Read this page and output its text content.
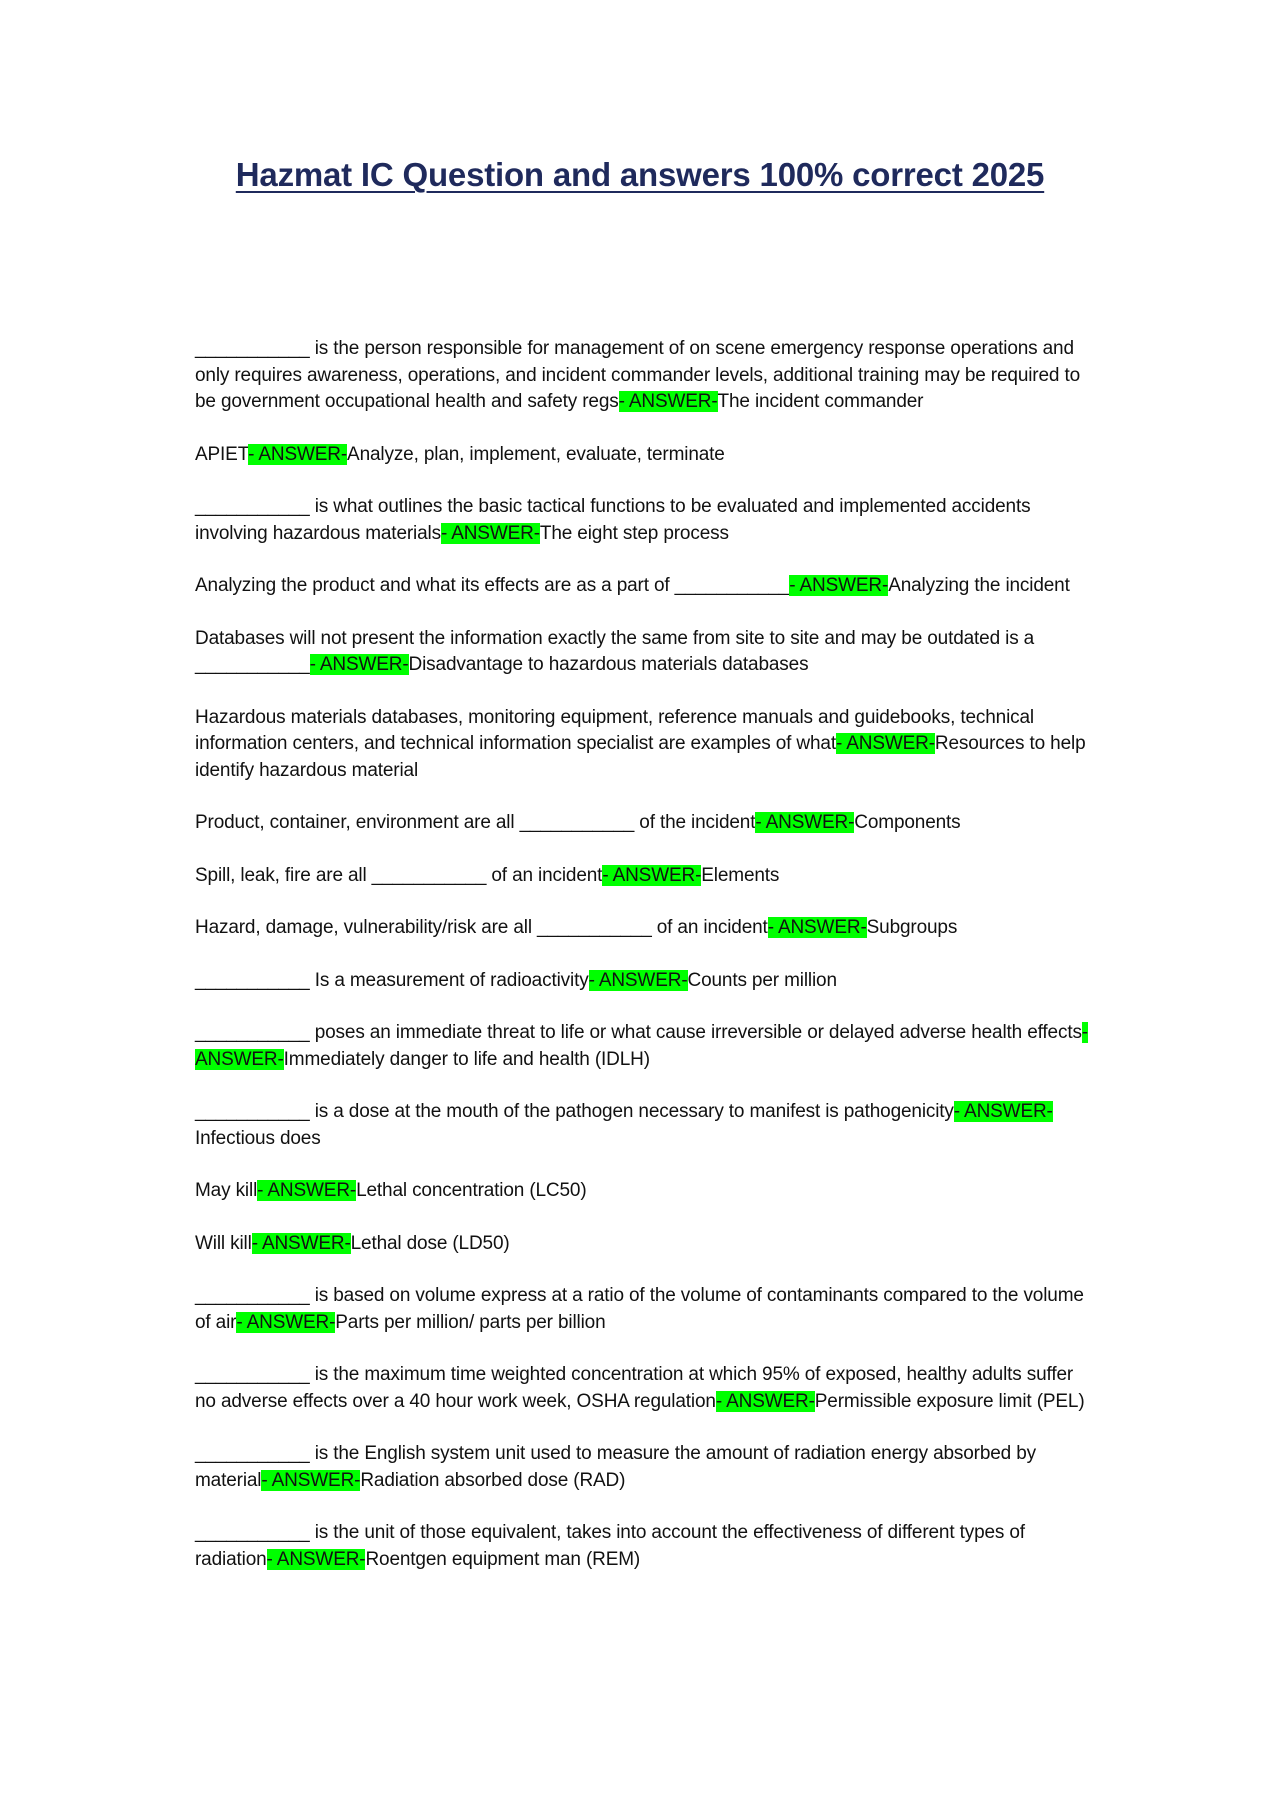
Hazmat IC Question and answers 100% correct 2025

___________ is the person responsible for management of on scene emergency response operations and only requires awareness, operations, and incident commander levels, additional training may be required to be government occupational health and safety regs- ANSWER-The incident commander

APIET- ANSWER-Analyze, plan, implement, evaluate, terminate

___________ is what outlines the basic tactical functions to be evaluated and implemented accidents involving hazardous materials- ANSWER-The eight step process

Analyzing the product and what its effects are as a part of ___________- ANSWER-Analyzing the incident

Databases will not present the information exactly the same from site to site and may be outdated is a ___________- ANSWER-Disadvantage to hazardous materials databases

Hazardous materials databases, monitoring equipment, reference manuals and guidebooks, technical information centers, and technical information specialist are examples of what- ANSWER-Resources to help identify hazardous material

Product, container, environment are all ___________ of the incident- ANSWER-Components

Spill, leak, fire are all ___________ of an incident- ANSWER-Elements

Hazard, damage, vulnerability/risk are all ___________ of an incident- ANSWER-Subgroups

___________ Is a measurement of radioactivity- ANSWER-Counts per million

___________ poses an immediate threat to life or what cause irreversible or delayed adverse health effects- ANSWER-Immediately danger to life and health (IDLH)

___________ is a dose at the mouth of the pathogen necessary to manifest is pathogenicity- ANSWER-Infectious does

May kill- ANSWER-Lethal concentration (LC50)

Will kill- ANSWER-Lethal dose (LD50)

___________ is based on volume express at a ratio of the volume of contaminants compared to the volume of air- ANSWER-Parts per million/ parts per billion

___________ is the maximum time weighted concentration at which 95% of exposed, healthy adults suffer no adverse effects over a 40 hour work week, OSHA regulation- ANSWER-Permissible exposure limit (PEL)

___________ is the English system unit used to measure the amount of radiation energy absorbed by material- ANSWER-Radiation absorbed dose (RAD)

___________ is the unit of those equivalent, takes into account the effectiveness of different types of radiation- ANSWER-Roentgen equipment man (REM)
